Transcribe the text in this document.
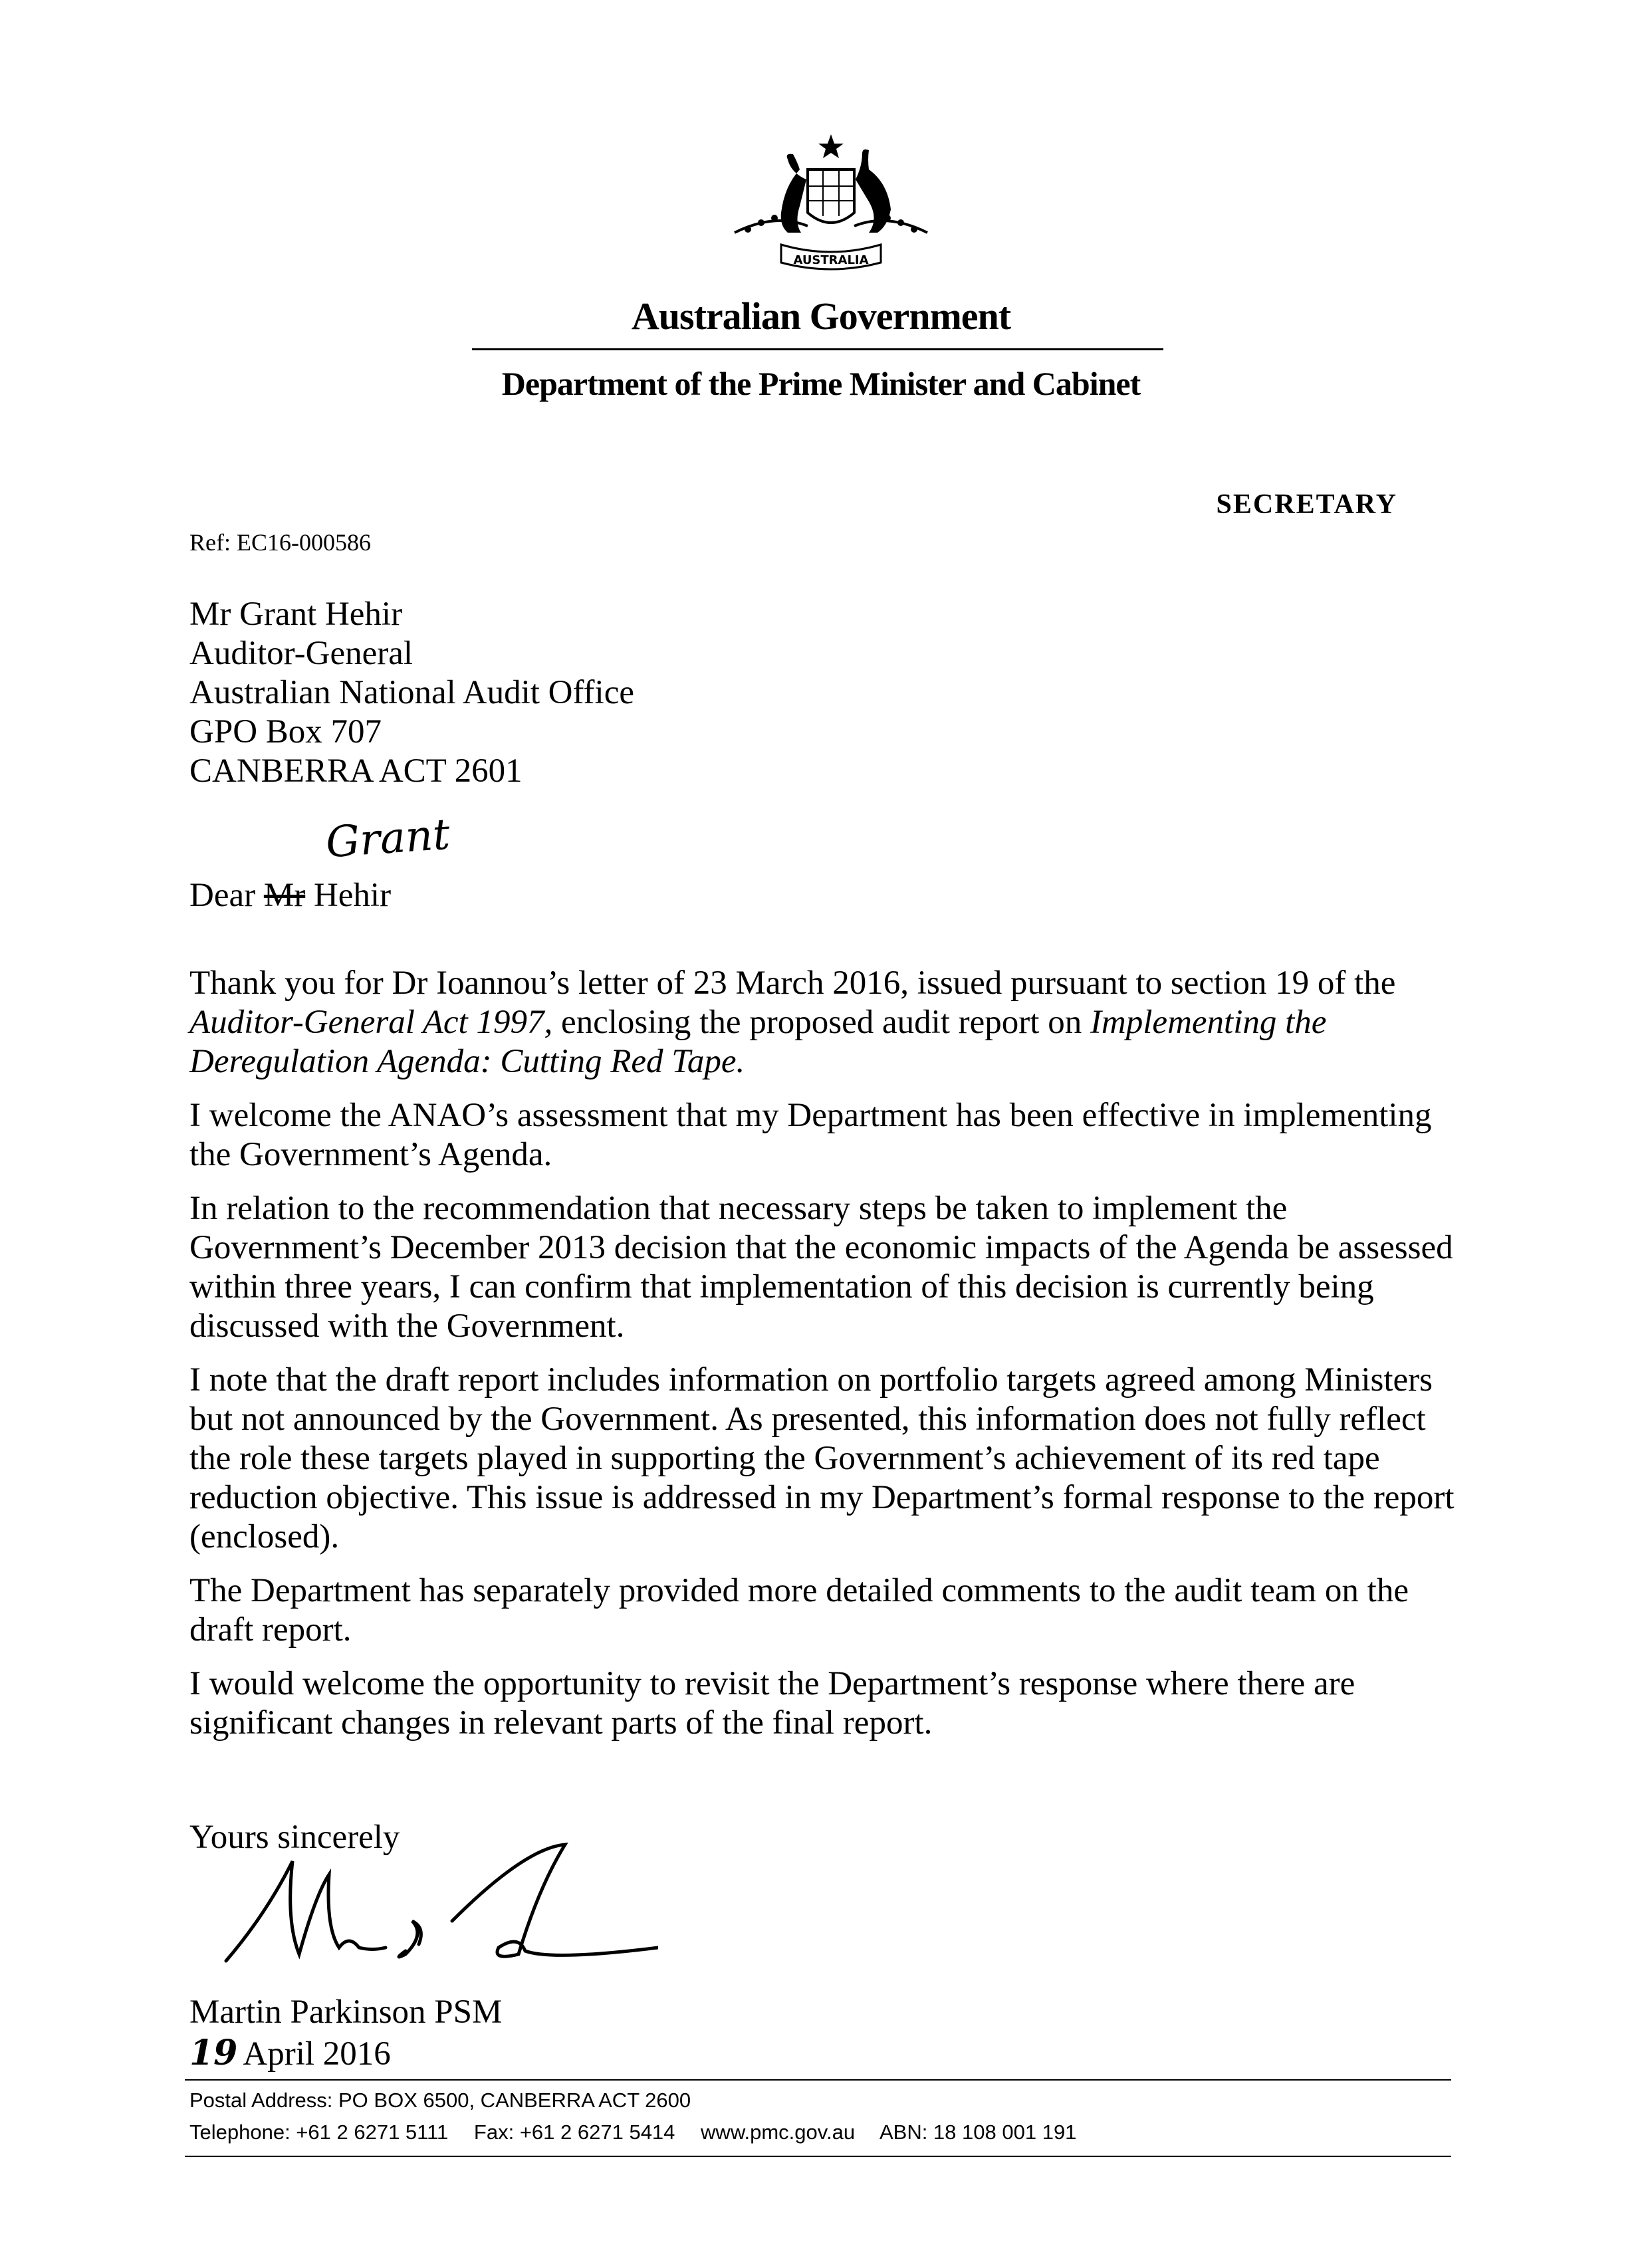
AUSTRALIA
Australian Government
Department of the Prime Minister and Cabinet
SECRETARY
Ref: EC16-000586
Mr Grant Hehir
Auditor-General
Australian National Audit Office
GPO Box 707
CANBERRA ACT 2601
Grant
Dear Mr Hehir

Thank you for Dr Ioannou’s letter of 23 March 2016, issued pursuant to section 19 of the Auditor-General Act 1997, enclosing the proposed audit report on Implementing the Deregulation Agenda: Cutting Red Tape.

I welcome the ANAO’s assessment that my Department has been effective in implementing the Government’s Agenda.

In relation to the recommendation that necessary steps be taken to implement the Government’s December 2013 decision that the economic impacts of the Agenda be assessed within three years, I can confirm that implementation of this decision is currently being discussed with the Government.

I note that the draft report includes information on portfolio targets agreed among Ministers but not announced by the Government. As presented, this information does not fully reflect the role these targets played in supporting the Government’s achievement of its red tape reduction objective. This issue is addressed in my Department’s formal response to the report (enclosed).

The Department has separately provided more detailed comments to the audit team on the draft report.

I would welcome the opportunity to revisit the Department’s response where there are significant changes in relevant parts of the final report.

Yours sincerely
Martin Parkinson PSM
19 April 2016
Postal Address: PO BOX 6500, CANBERRA ACT 2600
Telephone: +61 2 6271 5111 Fax: +61 2 6271 5414 www.pmc.gov.au ABN: 18 108 001 191
